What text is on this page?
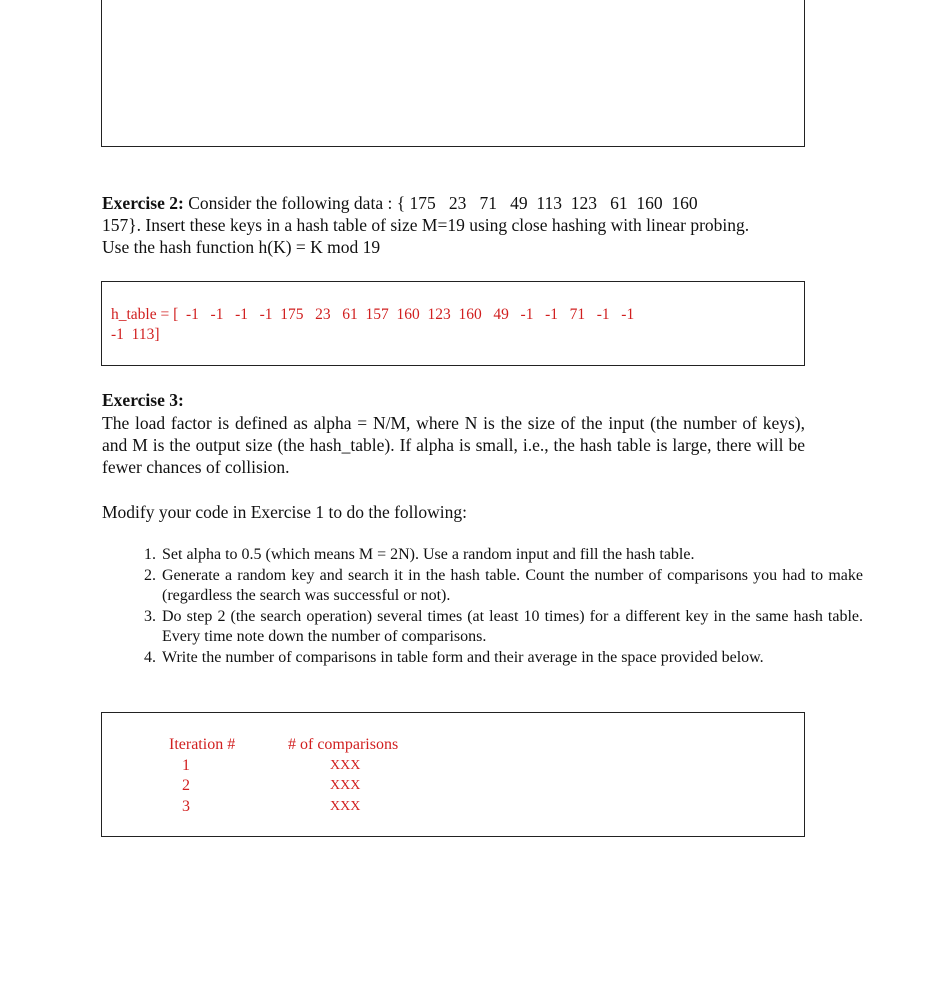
Exercise 2: Consider the following data : { 175   23   71   49  113  123   61  160  160
157}. Insert these keys in a hash table of size M=19 using close hashing with linear probing.
Use the hash function h(K) = K mod 19
h_table = [  -1   -1   -1   -1  175   23   61  157  160  123  160   49   -1   -1   71   -1   -1
-1  113]
Exercise 3:
The load factor is defined as alpha = N/M, where N is the size of the input (the number of keys), and M is the output size (the hash_table). If alpha is small, i.e., the hash table is large, there will be fewer chances of collision.
Modify your code in Exercise 1 to do the following:
1. Set alpha to 0.5 (which means M = 2N). Use a random input and fill the hash table.
2. Generate a random key and search it in the hash table. Count the number of comparisons you had to make (regardless the search was successful or not).
3. Do step 2 (the search operation) several times (at least 10 times) for a different key in the same hash table. Every time note down the number of comparisons.
4. Write the number of comparisons in table form and their average in the space provided below.
Iteration #
1
2
3
# of comparisons
XXX
XXX
XXX
